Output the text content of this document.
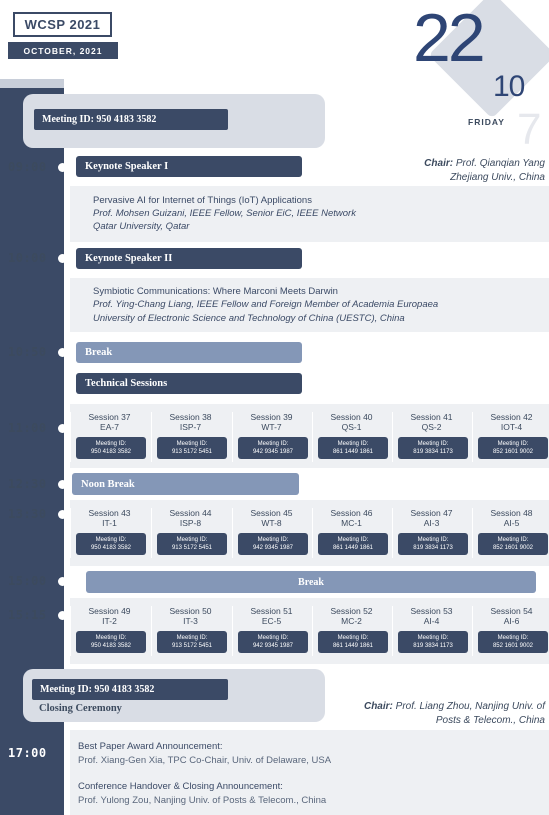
WCSP 2021
OCTOBER, 2021
7
22
10
FRIDAY
Meeting ID: 950 4183 3582
09:00
10:00
10:50
11:00
12:30
13:30
15:00
15:15
17:00
Keynote Speaker I	Chair: Prof. Qianqian Yang
Zhejiang Univ., China
Pervasive AI for Internet of Things (IoT) Applications
Prof. Mohsen Guizani, IEEE Fellow, Senior EiC, IEEE Network
Qatar University, Qatar
Keynote Speaker II
Symbiotic Communications: Where Marconi Meets Darwin
Prof. Ying-Chang Liang, IEEE Fellow and Foreign Member of Academia Europaea
University of Electronic Science and Technology of China (UESTC), China
Break
Technical Sessions
Session 37
EA-7
Meeting ID:
950 4183 3582
Session 38
ISP-7
Meeting ID:
913 5172 5451
Session 39
WT-7
Meeting ID:
942 9345 1987
Session 40
QS-1
Meeting ID:
861 1449 1861
Session 41
QS-2
Meeting ID:
819 3834 1173
Session 42
IOT-4
Meeting ID:
852 1601 9002
Noon Break
Session 43
IT-1
Meeting ID:
950 4183 3582
Session 44
ISP-8
Meeting ID:
913 5172 5451
Session 45
WT-8
Meeting ID:
942 9345 1987
Session 46
MC-1
Meeting ID:
861 1449 1861
Session 47
AI-3
Meeting ID:
819 3834 1173
Session 48
AI-5
Meeting ID:
852 1601 9002
Break
Session 49
IT-2
Meeting ID:
950 4183 3582
Session 50
IT-3
Meeting ID:
913 5172 5451
Session 51
EC-5
Meeting ID:
942 9345 1987
Session 52
MC-2
Meeting ID:
861 1449 1861
Session 53
AI-4
Meeting ID:
819 3834 1173
Session 54
AI-6
Meeting ID:
852 1601 9002
Meeting ID: 950 4183 3582
Closing Ceremony	Chair: Prof. Liang Zhou, Nanjing Univ. of
Posts & Telecom., China
Best Paper Award Announcement:
Prof. Xiang-Gen Xia, TPC Co-Chair, Univ. of Delaware, USA
Conference Handover & Closing Announcement:
Prof. Yulong Zou, Nanjing Univ. of Posts & Telecom., China
